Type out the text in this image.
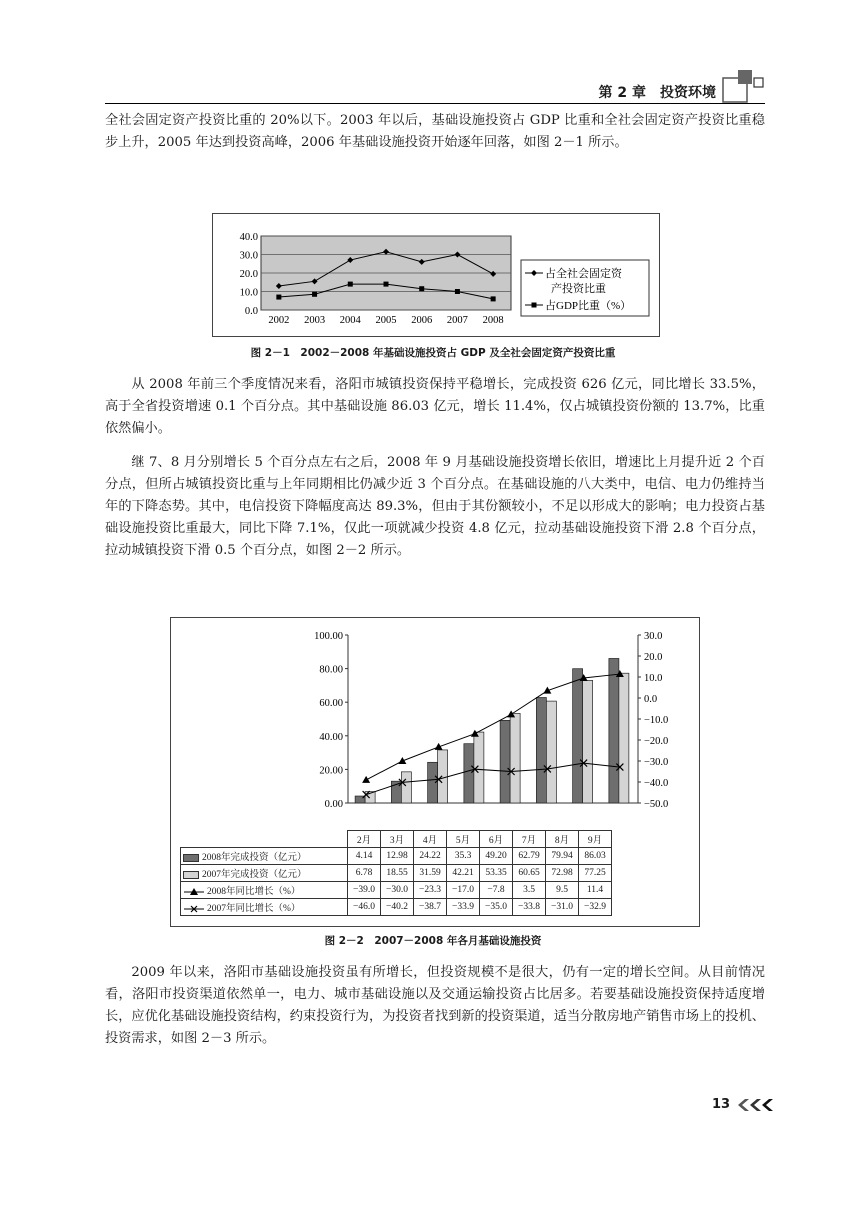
第 2 章 投资环境

全社会固定资产投资比重的 20%以下。2003 年以后，基础设施投资占 GDP 比重和全社会固定资产投资比重稳步上升，2005 年达到投资高峰，2006 年基础设施投资开始逐年回落，如图 2－1 所示。

0.0
10.0
20.0
30.0
40.0
2002 2003 2004 2005 2006 2007 2008
占全社会固定资
产投资比重
占GDP比重（%）
图 2－1　2002－2008 年基础设施投资占 GDP 及全社会固定资产投资比重

从 2008 年前三个季度情况来看，洛阳市城镇投资保持平稳增长，完成投资 626 亿元，同比增长 33.5%，高于全省投资增速 0.1 个百分点。其中基础设施 86.03 亿元，增长 11.4%，仅占城镇投资份额的 13.7%，比重依然偏小。

继 7、8 月分别增长 5 个百分点左右之后，2008 年 9 月基础设施投资增长依旧，增速比上月提升近 2 个百分点，但所占城镇投资比重与上年同期相比仍减少近 3 个百分点。在基础设施的八大类中，电信、电力仍维持当年的下降态势。其中，电信投资下降幅度高达 89.3%，但由于其份额较小，不足以形成大的影响；电力投资占基础设施投资比重最大，同比下降 7.1%，仅此一项就减少投资 4.8 亿元，拉动基础设施投资下滑 2.8 个百分点，拉动城镇投资下滑 0.5 个百分点，如图 2－2 所示。

0.00
20.00
40.00
60.00
80.00
100.00	30.0
20.0
10.0
0.0
−10.0
−20.0
−30.0
−40.0
−50.0
	2月	3月	4月	5月	6月	7月	8月	9月
2008年完成投资（亿元）	4.14	12.98	24.22	35.3	49.20	62.79	79.94	86.03
2007年完成投资（亿元）	6.78	18.55	31.59	42.21	53.35	60.65	72.98	77.25
2008年同比增长（%）	−39.0	−30.0	−23.3	−17.0	−7.8	3.5	9.5	11.4
2007年同比增长（%）	−46.0	−40.2	−38.7	−33.9	−35.0	−33.8	−31.0	−32.9
图 2－2　2007－2008 年各月基础设施投资

2009 年以来，洛阳市基础设施投资虽有所增长，但投资规模不是很大，仍有一定的增长空间。从目前情况看，洛阳市投资渠道依然单一，电力、城市基础设施以及交通运输投资占比居多。若要基础设施投资保持适度增长，应优化基础设施投资结构，约束投资行为，为投资者找到新的投资渠道，适当分散房地产销售市场上的投机、投资需求，如图 2－3 所示。

13
